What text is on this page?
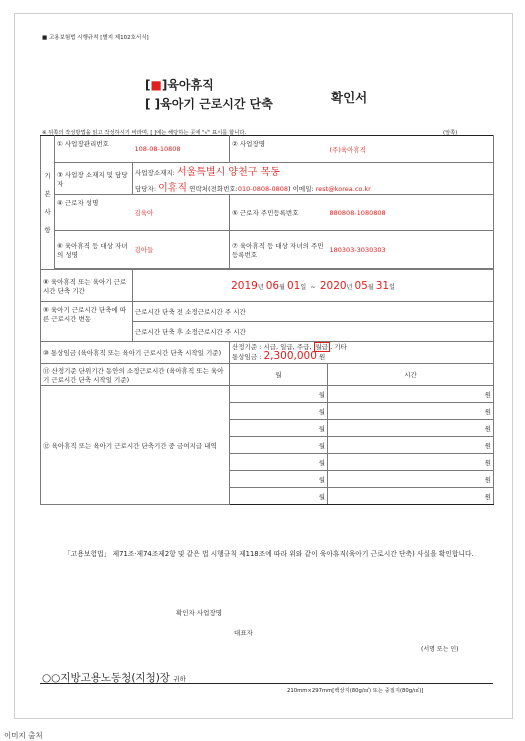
■ 고용보험법 시행규칙 [별지 제102호서식]
[■]육아휴직
[ ]육아기 근로시간 단축	확인서
※ 뒤쪽의 작성방법을 읽고 작성하시기 바라며, [ ]에는 해당하는 곳에 "√" 표시를 합니다.	(앞쪽)
기
본
사
항	① 사업장관리번호	108-08-10808	② 사업장명	(주)육아휴직
	③ 사업장 소재지 및 담당자	사업장소재지: 서울특별시 양천구 목동		
		담당자: 이휴직 연락처(전화번호:010-0808-0808) 이메일: rest@korea.co.kr		
	④ 근로자 성명	김육아	⑤ 근로자 주민등록번호	880808-1080808
	⑥ 육아휴직 등 대상 자녀의 성명	김아들	⑦ 육아휴직 등 대상 자녀의 주민등록번호	180303-3030303

⑧ 육아휴직 또는 육아기 근로시간 단축 기간		2019년 06월 01일  ~  2020년 05월 31일		
⑨ 육아기 근로시간 단축에 따른 근로시간 변동		근로시간 단축 전 소정근로시간 주 시간		
		근로시간 단축 후 소정근로시간 주 시간		
⑩ 통상임금 (육아휴직 또는 육아기 근로시간 단축 시작일 기준)			산정기준 : 시급, 일급, 주급, 월급 , 기타
통상임금 : 2,300,000 원	
⑪ 산정기준 단위기간 동안의 소정근로시간 (육아휴직 또는 육아기 근로시간 단축 시작일 기준)			월	시간
⑫ 육아휴직 또는 육아기 근로시간 단축기간 중 금여지급 내역			월	원
			월	원
			월	원
			월	원
			월	원
			월	원
			월	원
「고용보험법」 제71조·제74조제2항 및 같은 법 시행규칙 제118조에 따라 위와 같이 육아휴직(육아기 근로시간 단축) 사실을 확인합니다.
확인자 사업장명
대표자
(서명 또는 인)
○○지방고용노동청(지청)장 귀하
210mm×297mm[백상지(80g/㎡) 또는 중질지(80g/㎡)]
이미지 출처
